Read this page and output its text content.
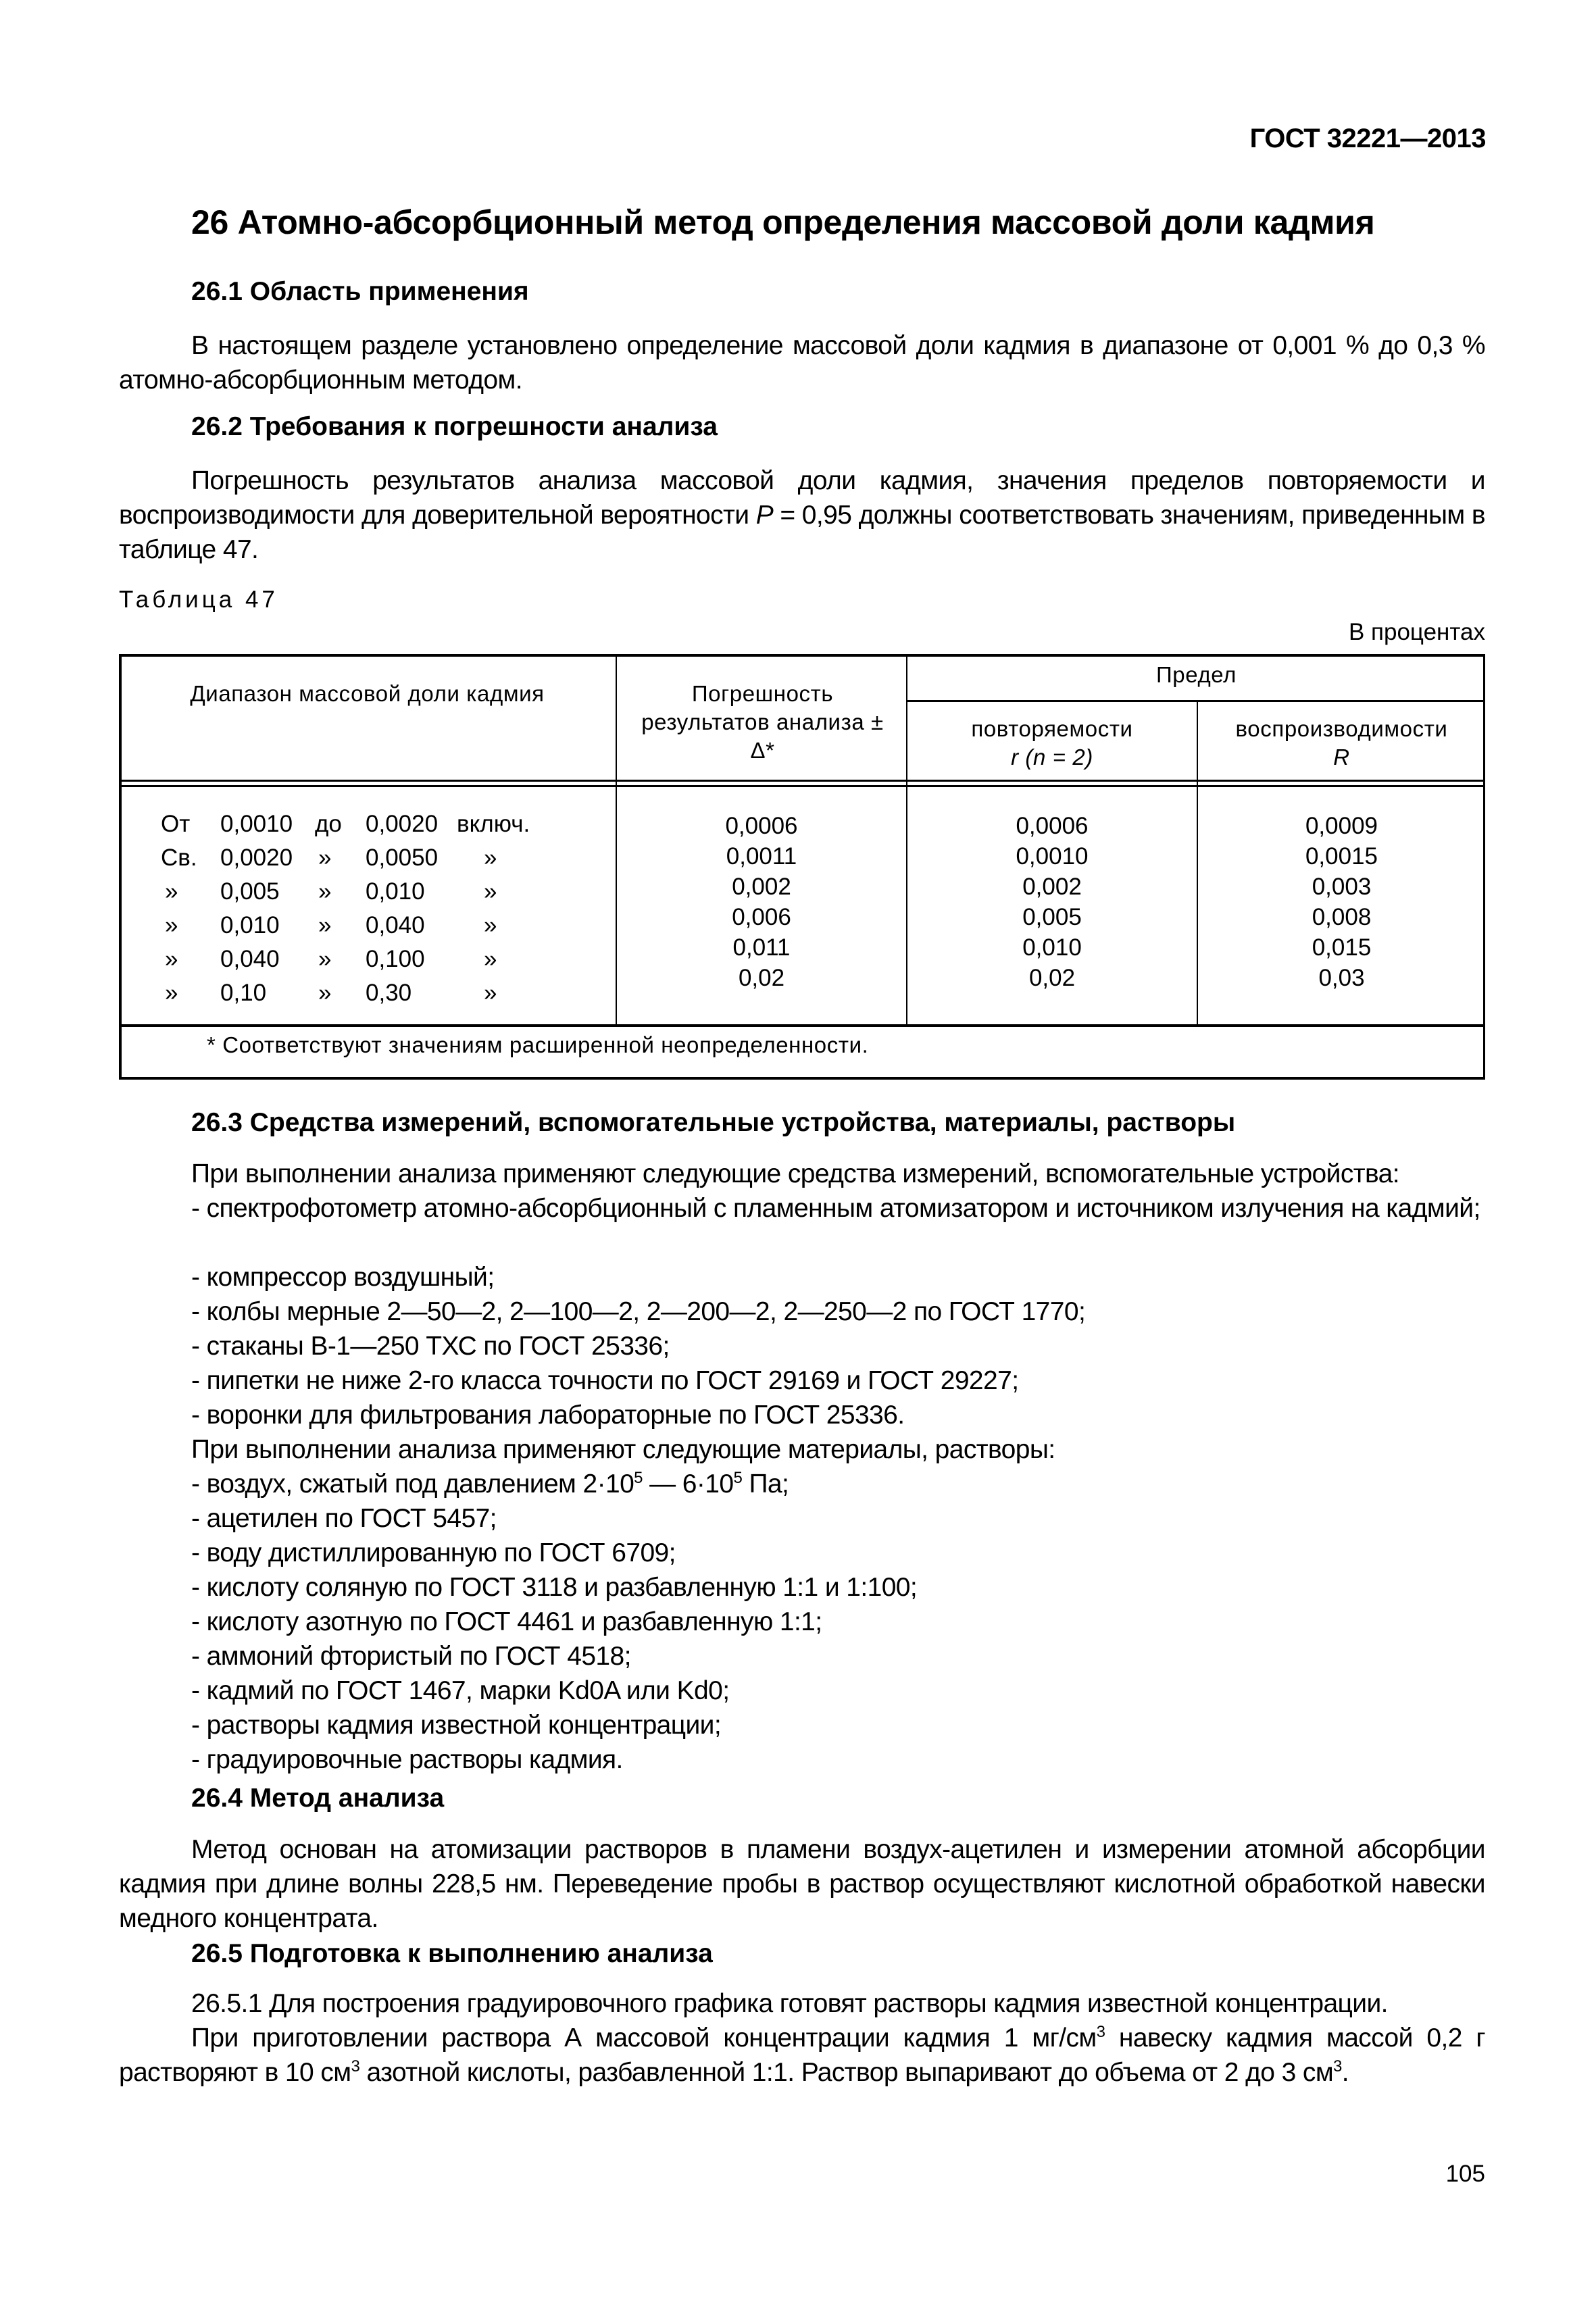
ГОСТ 32221—2013
26 Атомно-абсорбционный метод определения массовой доли кадмия
26.1 Область применения
В настоящем разделе установлено определение массовой доли кадмия в диапазоне от 0,001 % до 0,3 % атомно-абсорбционным методом.
26.2 Требования к погрешности анализа
Погрешность результатов анализа массовой доли кадмия, значения пределов повторяемости и воспроизводимости для доверительной вероятности P = 0,95 должны соответствовать значениям, приведенным в таблице 47.
Таблица 47
В процентах
Диапазон массовой доли кадмия	Погрешность результатов анализа ± Δ*
Предел
повторяемости
r (n = 2)
воспроизводимости
R
От 0,0010 до 0,0020 включ.
Св. 0,0020 » 0,0050 »
» 0,005 » 0,010 »
» 0,010 » 0,040 »
» 0,040 » 0,100 »
» 0,10 » 0,30	»
0,0006
0,0011
0,002
0,006
0,011
0,02
0,0006
0,0010
0,002
0,005
0,010
0,02
0,0009
0,0015
0,003
0,008
0,015
0,03
* Соответствуют значениям расширенной неопределенности.
26.3 Средства измерений, вспомогательные устройства, материалы, растворы
При выполнении анализа применяют следующие средства измерений, вспомогательные устройства:
- спектрофотометр атомно-абсорбционный с пламенным атомизатором и источником излучения на кадмий;
- компрессор воздушный;
- колбы мерные 2—50—2, 2—100—2, 2—200—2, 2—250—2 по ГОСТ 1770;
- стаканы В-1—250 ТХС по ГОСТ 25336;
- пипетки не ниже 2-го класса точности по ГОСТ 29169 и ГОСТ 29227;
- воронки для фильтрования лабораторные по ГОСТ 25336.
При выполнении анализа применяют следующие материалы, растворы:
- воздух, сжатый под давлением $2\cdot 10^5$ — $6\cdot 10^5$ Па;
- ацетилен по ГОСТ 5457;
- воду дистиллированную по ГОСТ 6709;
- кислоту соляную по ГОСТ 3118 и разбавленную 1:1 и 1:100;
- кислоту азотную по ГОСТ 4461 и разбавленную 1:1;
- аммоний фтористый по ГОСТ 4518;
- кадмий по ГОСТ 1467, марки Kd0A или Kd0;
- растворы кадмия известной концентрации;
- градуировочные растворы кадмия.
26.4 Метод анализа
Метод основан на атомизации растворов в пламени воздух-ацетилен и измерении атомной абсорбции кадмия при длине волны 228,5 нм. Переведение пробы в раствор осуществляют кислотной обработкой навески медного концентрата.
26.5 Подготовка к выполнению анализа
26.5.1 Для построения градуировочного графика готовят растворы кадмия известной концентрации.
При приготовлении раствора А массовой концентрации кадмия 1 $мг/см^3$ навеску кадмия массой 0,2 г растворяют в 10 $см^3$ азотной кислоты, разбавленной 1:1. Раствор выпаривают до объема от 2 до 3 $см^3$.
105
